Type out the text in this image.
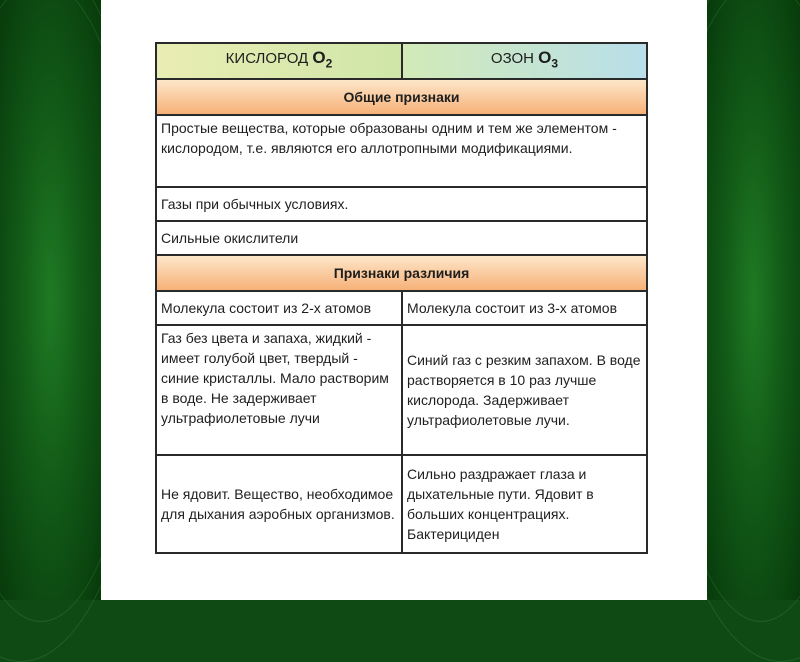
КИСЛОРОД $O_2$	ОЗОН $O_3$
Общие признаки	
Простые вещества, которые образованы одним и тем же элементом - кислородом, т.е. являются его аллотропными модификациями.	
Газы при обычных условиях.	
Сильные окислители	
Признаки различия	
Молекула состоит из 2-х атомов	Молекула состоит из 3-х атомов
Газ без цвета и запаха, жидкий - имеет голубой цвет, твердый - синие кристаллы. Мало растворим в воде. Не задерживает ультрафиолетовые лучи	Синий газ с резким запахом. В воде растворяется в 10 раз лучше кислорода. Задерживает ультрафиолетовые лучи.
Не ядовит. Вещество, необходимое для дыхания аэробных организмов.	Сильно раздражает глаза и дыхательные пути. Ядовит в больших концентрациях. Бактерициден
